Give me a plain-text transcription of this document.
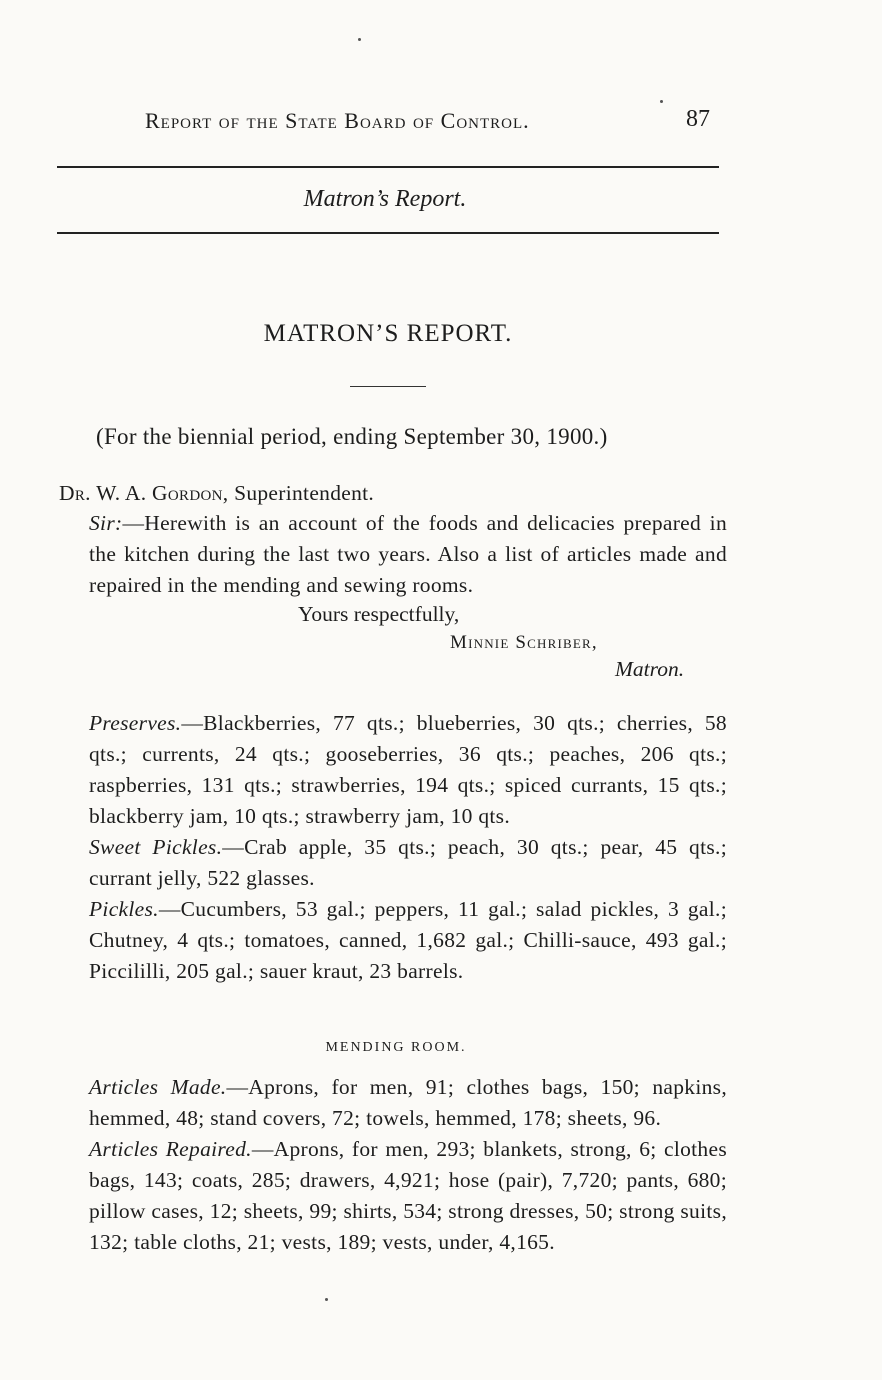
Report of the State Board of Control.	87
Matron’s Report.
MATRON’S REPORT.
(For the biennial period, ending September 30, 1900.)
Dr. W. A. Gordon, Superintendent.

Sir:—Herewith is an account of the foods and delicacies prepared in the kitchen during the last two years. Also a list of articles made and repaired in the mending and sewing rooms.

Yours respectfully,
Minnie Schriber,
Matron.

Preserves.—Blackberries, 77 qts.; blueberries, 30 qts.; cherries, 58 qts.; currents, 24 qts.; gooseberries, 36 qts.; peaches, 206 qts.; raspberries, 131 qts.; strawberries, 194 qts.; spiced currants, 15 qts.; blackberry jam, 10 qts.; strawberry jam, 10 qts.

Sweet Pickles.—Crab apple, 35 qts.; peach, 30 qts.; pear, 45 qts.; currant jelly, 522 glasses.

Pickles.—Cucumbers, 53 gal.; peppers, 11 gal.; salad pickles, 3 gal.; Chutney, 4 qts.; tomatoes, canned, 1,682 gal.; Chilli-sauce, 493 gal.; Piccililli, 205 gal.; sauer kraut, 23 barrels.

MENDING ROOM.

Articles Made.—Aprons, for men, 91; clothes bags, 150; napkins, hemmed, 48; stand covers, 72; towels, hemmed, 178; sheets, 96.

Articles Repaired.—Aprons, for men, 293; blankets, strong, 6; clothes bags, 143; coats, 285; drawers, 4,921; hose (pair), 7,720; pants, 680; pillow cases, 12; sheets, 99; shirts, 534; strong dresses, 50; strong suits, 132; table cloths, 21; vests, 189; vests, under, 4,165.
